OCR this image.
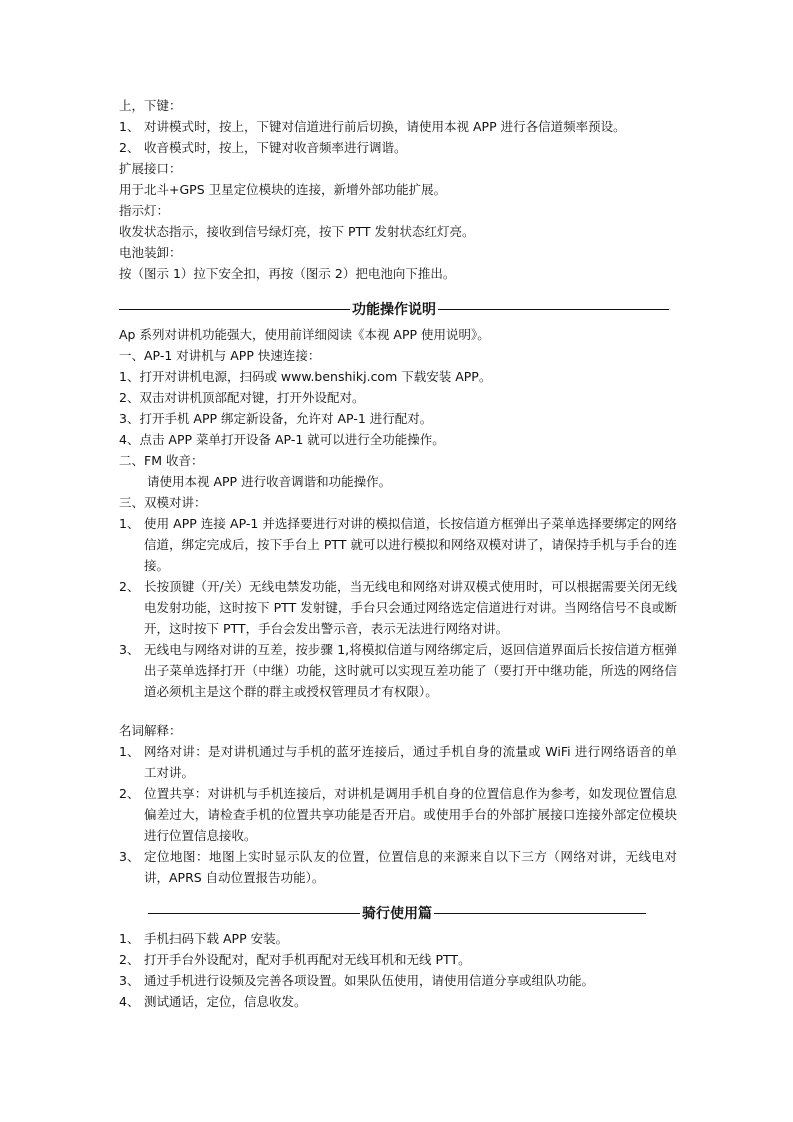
上，下键：

1、 对讲模式时，按上，下键对信道进行前后切换，请使用本视 APP 进行各信道频率预设。
2、 收音模式时，按上，下键对收音频率进行调谐。

扩展接口：

用于北斗+GPS 卫星定位模块的连接，新增外部功能扩展。

指示灯：

收发状态指示，接收到信号绿灯亮，按下 PTT 发射状态红灯亮。

电池装卸：

按（图示 1）拉下安全扣，再按（图示 2）把电池向下推出。

功能操作说明

Ap 系列对讲机功能强大，使用前详细阅读《本视 APP 使用说明》。

一、AP-1 对讲机与 APP 快速连接：

1、打开对讲机电源，扫码或 www.benshikj.com 下载安装 APP。

2、双击对讲机顶部配对键，打开外设配对。

3、打开手机 APP 绑定新设备，允许对 AP-1 进行配对。

4、点击 APP 菜单打开设备 AP-1 就可以进行全功能操作。

二、FM 收音：

请使用本视 APP 进行收音调谐和功能操作。

三、双模对讲：

1、 使用 APP 连接 AP-1 并选择要进行对讲的模拟信道，长按信道方框弹出子菜单选择要绑定的网络信道，绑定完成后，按下手台上 PTT 就可以进行模拟和网络双模对讲了，请保持手机与手台的连接。
2、 长按顶键（开/关）无线电禁发功能，当无线电和网络对讲双模式使用时，可以根据需要关闭无线电发射功能，这时按下 PTT 发射键，手台只会通过网络选定信道进行对讲。当网络信号不良或断开，这时按下 PTT，手台会发出警示音，表示无法进行网络对讲。
3、 无线电与网络对讲的互差，按步骤 1,将模拟信道与网络绑定后，返回信道界面后长按信道方框弹出子菜单选择打开（中继）功能，这时就可以实现互差功能了（要打开中继功能，所选的网络信道必须机主是这个群的群主或授权管理员才有权限）。

名词解释：

1、 网络对讲：是对讲机通过与手机的蓝牙连接后，通过手机自身的流量或 WiFi 进行网络语音的单工对讲。
2、 位置共享：对讲机与手机连接后，对讲机是调用手机自身的位置信息作为参考，如发现位置信息偏差过大，请检查手机的位置共享功能是否开启。或使用手台的外部扩展接口连接外部定位模块进行位置信息接收。
3、 定位地图：地图上实时显示队友的位置，位置信息的来源来自以下三方（网络对讲，无线电对讲，APRS 自动位置报告功能）。
骑行使用篇
1、 手机扫码下载 APP 安装。
2、 打开手台外设配对，配对手机再配对无线耳机和无线 PTT。
3、 通过手机进行设频及完善各项设置。如果队伍使用，请使用信道分享或组队功能。
4、 测试通话，定位，信息收发。
